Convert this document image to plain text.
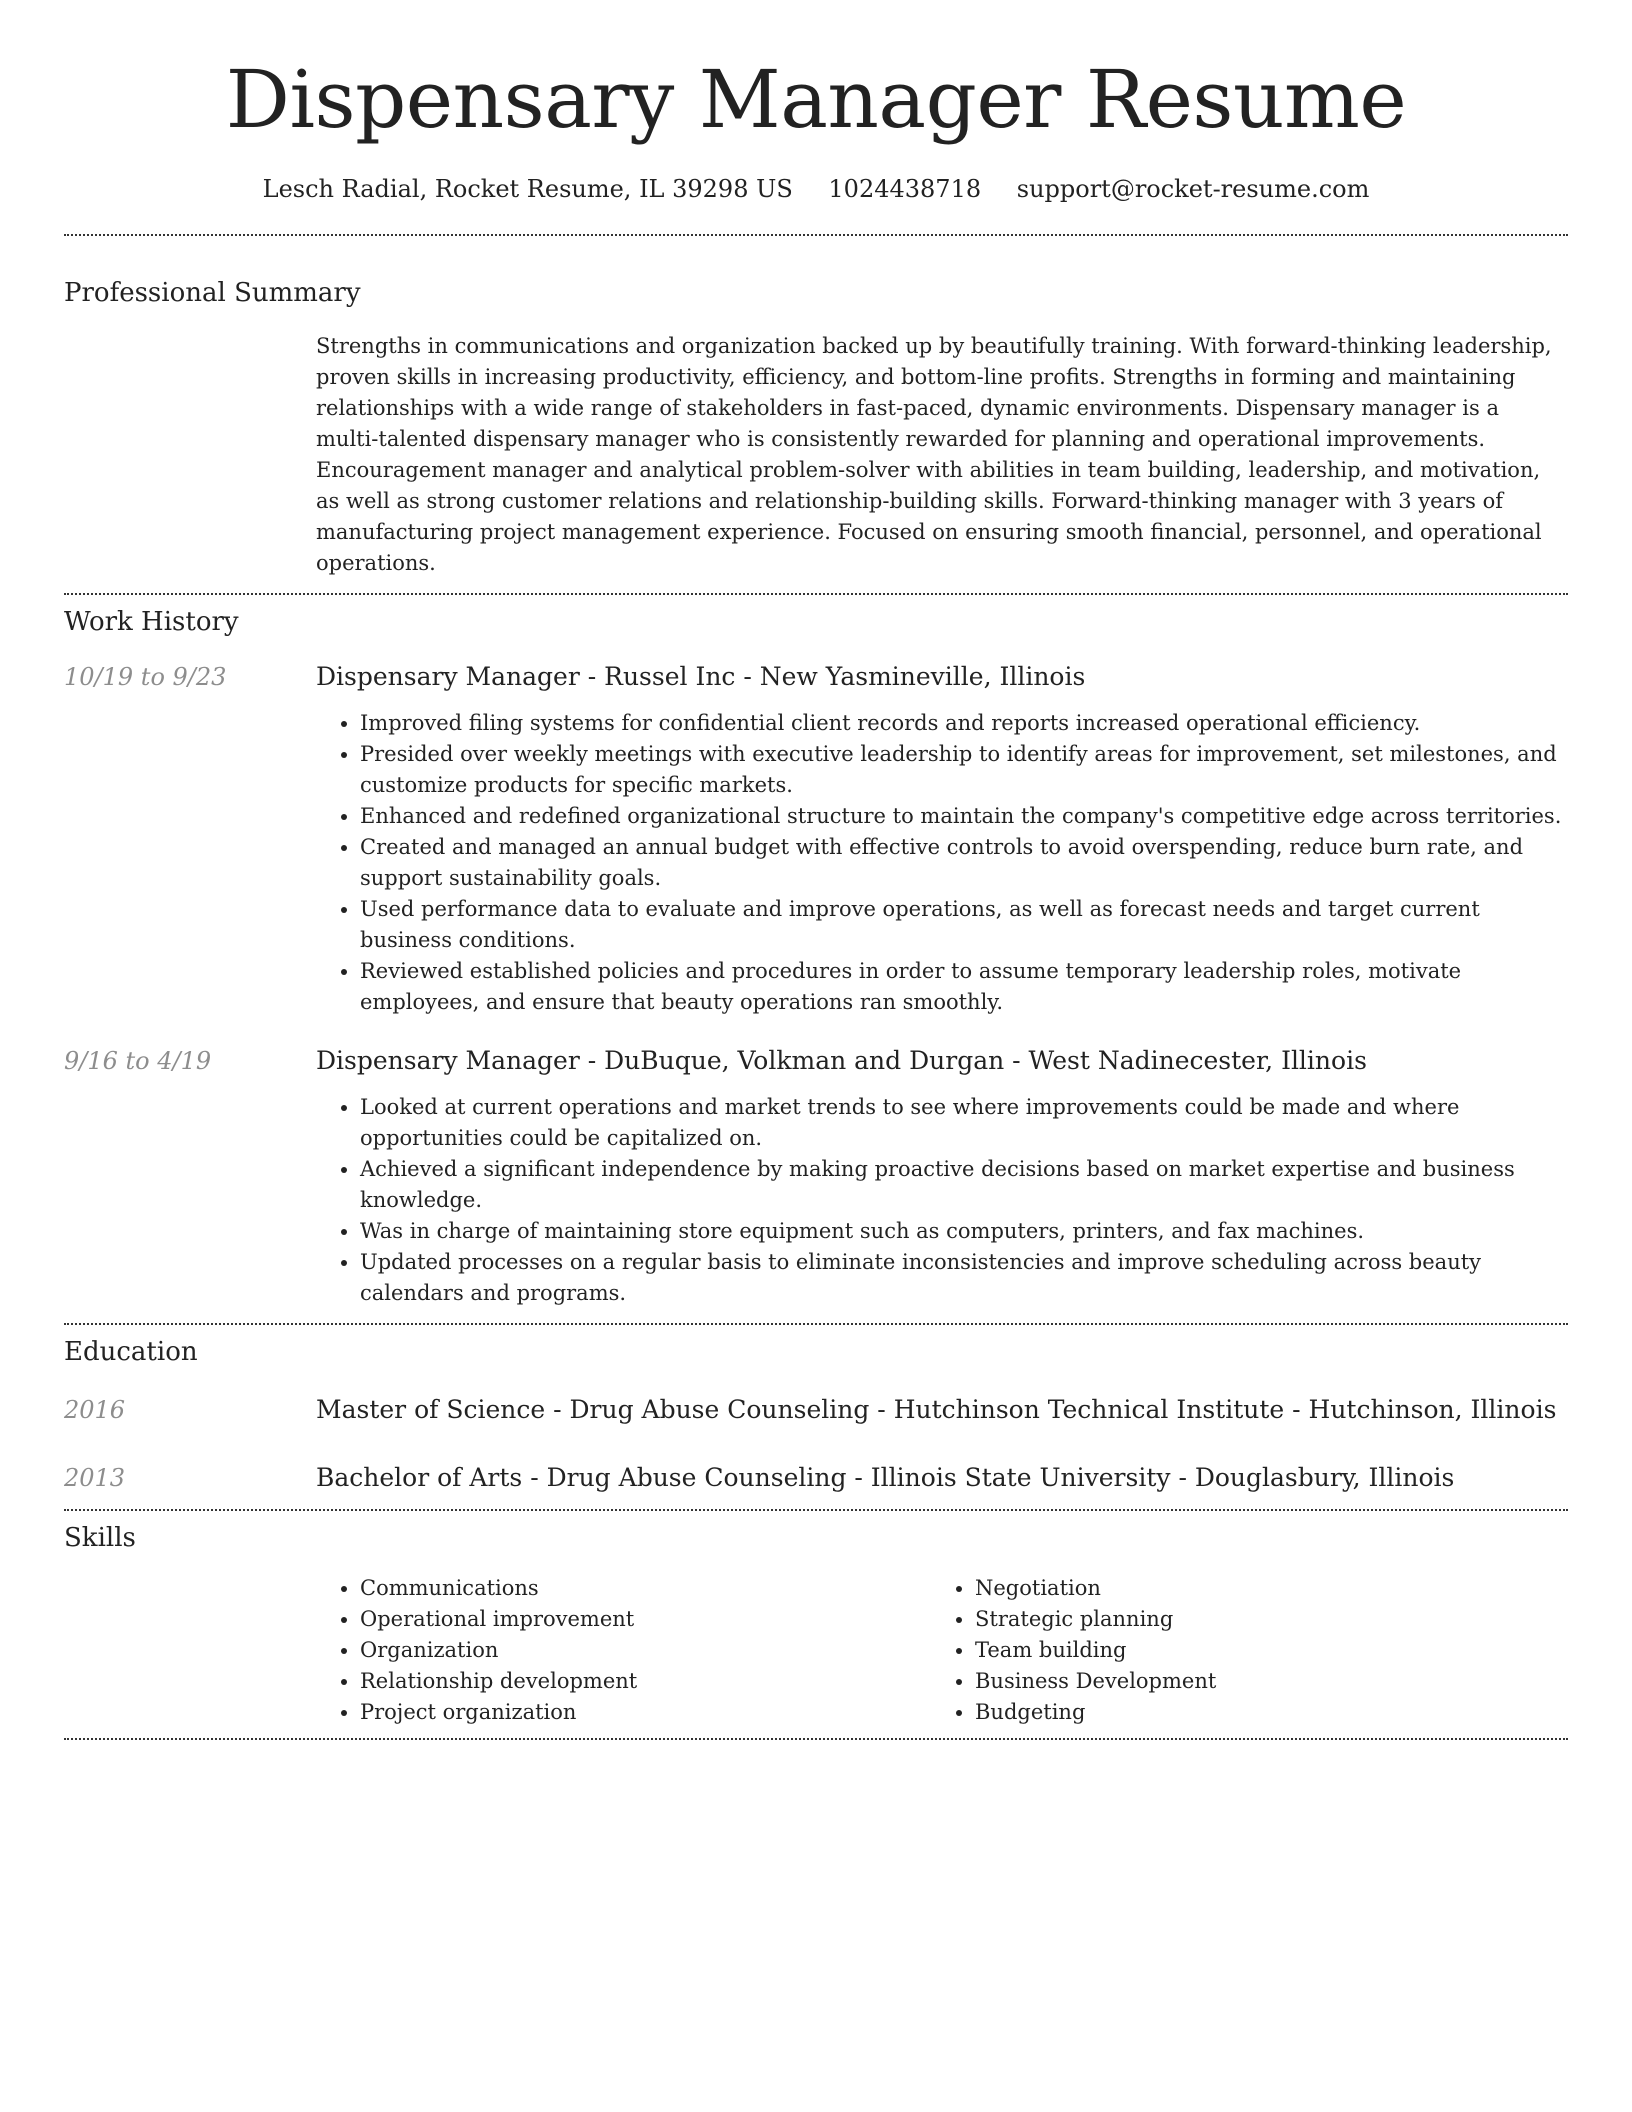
Dispensary Manager Resume
Lesch Radial, Rocket Resume, IL 39298 US 1024438718 support@rocket-resume.com
Professional Summary
Strengths in communications and organization backed up by beautifully training. With forward-thinking leadership, proven skills in increasing productivity, efficiency, and bottom-line profits. Strengths in forming and maintaining relationships with a wide range of stakeholders in fast-paced, dynamic environments. Dispensary manager is a multi-talented dispensary manager who is consistently rewarded for planning and operational improvements. Encouragement manager and analytical problem-solver with abilities in team building, leadership, and motivation, as well as strong customer relations and relationship-building skills. Forward-thinking manager with 3 years of manufacturing project management experience. Focused on ensuring smooth financial, personnel, and operational operations.
Work History
10/19 to 9/23	Dispensary Manager - Russel Inc - New Yasmineville, Illinois
• Improved filing systems for confidential client records and reports increased operational efficiency.
• Presided over weekly meetings with executive leadership to identify areas for improvement, set milestones, and customize products for specific markets.
• Enhanced and redefined organizational structure to maintain the company's competitive edge across territories.
• Created and managed an annual budget with effective controls to avoid overspending, reduce burn rate, and support sustainability goals.
• Used performance data to evaluate and improve operations, as well as forecast needs and target current business conditions.
• Reviewed established policies and procedures in order to assume temporary leadership roles, motivate employees, and ensure that beauty operations ran smoothly.
9/16 to 4/19	Dispensary Manager - DuBuque, Volkman and Durgan - West Nadinecester, Illinois
• Looked at current operations and market trends to see where improvements could be made and where opportunities could be capitalized on.
• Achieved a significant independence by making proactive decisions based on market expertise and business knowledge.
• Was in charge of maintaining store equipment such as computers, printers, and fax machines.
• Updated processes on a regular basis to eliminate inconsistencies and improve scheduling across beauty calendars and programs.
Education
2016	Master of Science - Drug Abuse Counseling - Hutchinson Technical Institute - Hutchinson, Illinois
2013	Bachelor of Arts - Drug Abuse Counseling - Illinois State University - Douglasbury, Illinois
Skills
• Communications
• Operational improvement
• Organization
• Relationship development
• Project organization
• Negotiation
• Strategic planning
• Team building
• Business Development
• Budgeting
